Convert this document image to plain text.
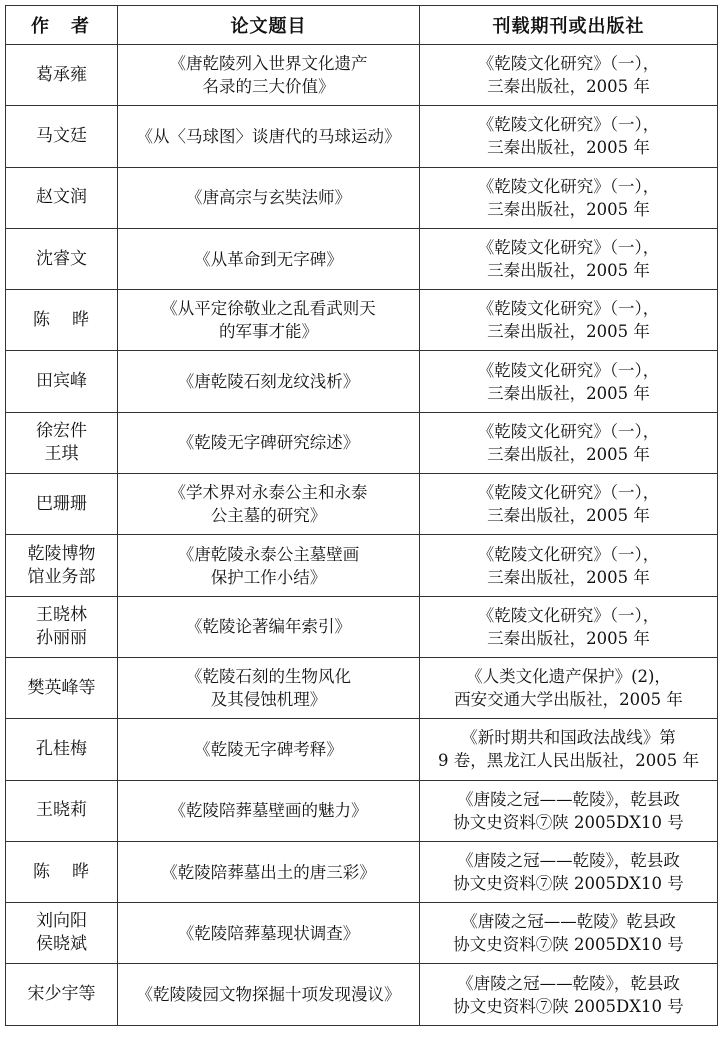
作者	论文题目	刊载期刊或出版社

葛承雍	《唐乾陵列入世界文化遗产
名录的三大价值》	《乾陵文化研究》（一），
三秦出版社，2005 年

马文廷	《从〈马球图〉谈唐代的马球运动》	《乾陵文化研究》（一），
三秦出版社，2005 年

赵文润	《唐高宗与玄奘法师》	《乾陵文化研究》（一），
三秦出版社，2005 年

沈睿文	《从革命到无字碑》	《乾陵文化研究》（一），
三秦出版社，2005 年

陈晔	《从平定徐敬业之乱看武则天
的军事才能》	《乾陵文化研究》（一），
三秦出版社，2005 年

田宾峰	《唐乾陵石刻龙纹浅析》	《乾陵文化研究》（一），
三秦出版社，2005 年

徐宏件
王琪	《乾陵无字碑研究综述》	《乾陵文化研究》（一），
三秦出版社，2005 年

巴珊珊	《学术界对永泰公主和永泰
公主墓的研究》	《乾陵文化研究》（一），
三秦出版社，2005 年

乾陵博物
馆业务部	《唐乾陵永泰公主墓壁画
保护工作小结》	《乾陵文化研究》（一），
三秦出版社，2005 年

王晓林
孙丽丽	《乾陵论著编年索引》	《乾陵文化研究》（一），
三秦出版社，2005 年

樊英峰等	《乾陵石刻的生物风化
及其侵蚀机理》	《人类文化遗产保护》(2)，
西安交通大学出版社，2005 年

孔桂梅	《乾陵无字碑考释》	《新时期共和国政法战线》第
9 卷，黑龙江人民出版社，2005 年

王晓莉	《乾陵陪葬墓壁画的魅力》	《唐陵之冠——乾陵》，乾县政
协文史资料⑦陕 2005DX10 号

陈晔	《乾陵陪葬墓出土的唐三彩》	《唐陵之冠——乾陵》，乾县政
协文史资料⑦陕 2005DX10 号

刘向阳
侯晓斌	《乾陵陪葬墓现状调查》	《唐陵之冠——乾陵》乾县政
协文史资料⑦陕 2005DX10 号

宋少宇等	《乾陵陵园文物探掘十项发现漫议》	《唐陵之冠——乾陵》，乾县政
协文史资料⑦陕 2005DX10 号
